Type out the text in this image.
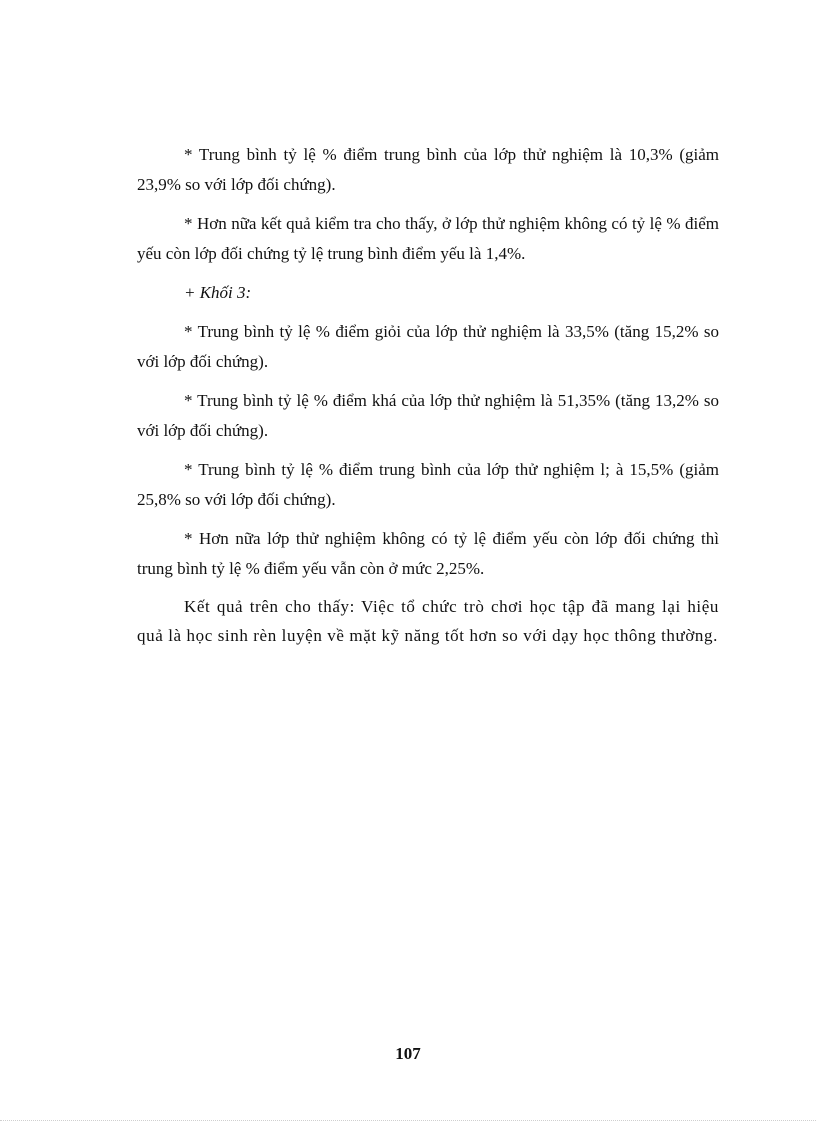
* Trung bình tỷ lệ % điểm trung bình của lớp thử nghiệm là 10,3% (giảm 23,9% so với lớp đối chứng).

* Hơn nữa kết quả kiểm tra cho thấy, ở lớp thử nghiệm không có tỷ lệ % điểm yếu còn lớp đối chứng tỷ lệ trung bình điểm yếu là 1,4%.

+ Khối 3:

* Trung bình tỷ lệ % điểm giỏi của lớp thử nghiệm là 33,5% (tăng 15,2% so với lớp đối chứng).

* Trung bình tỷ lệ % điểm khá của lớp thử nghiệm là 51,35% (tăng 13,2% so với lớp đối chứng).

* Trung bình tỷ lệ % điểm trung bình của lớp thử nghiệm l; à 15,5% (giảm 25,8% so với lớp đối chứng).

* Hơn nữa lớp thử nghiệm không có tỷ lệ điểm yếu còn lớp đối chứng thì trung bình tỷ lệ % điểm yếu vẫn còn ở mức 2,25%.

Kết quả trên cho thấy: Việc tổ chức trò chơi học tập đã mang lại hiệu quả là học sinh rèn luyện về mặt kỹ năng tốt hơn so với dạy học thông thường.

107
